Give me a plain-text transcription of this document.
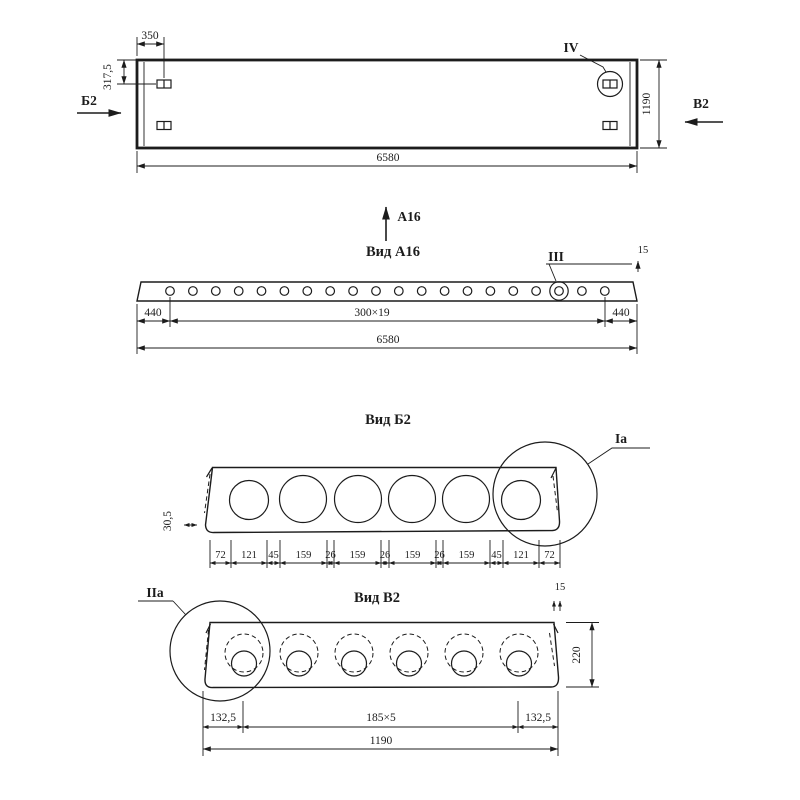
IV
350
317,5
Б2	В2
1190
6580
А16
Вид А16	III	15
440	300×19	440
6580
Вид Б2
Ia
30,5
72 121 45 159 26 159 26 159 26 159 45 121 72
Вид В2
IIa	15
220
132,5	185×5	132,5
1190
